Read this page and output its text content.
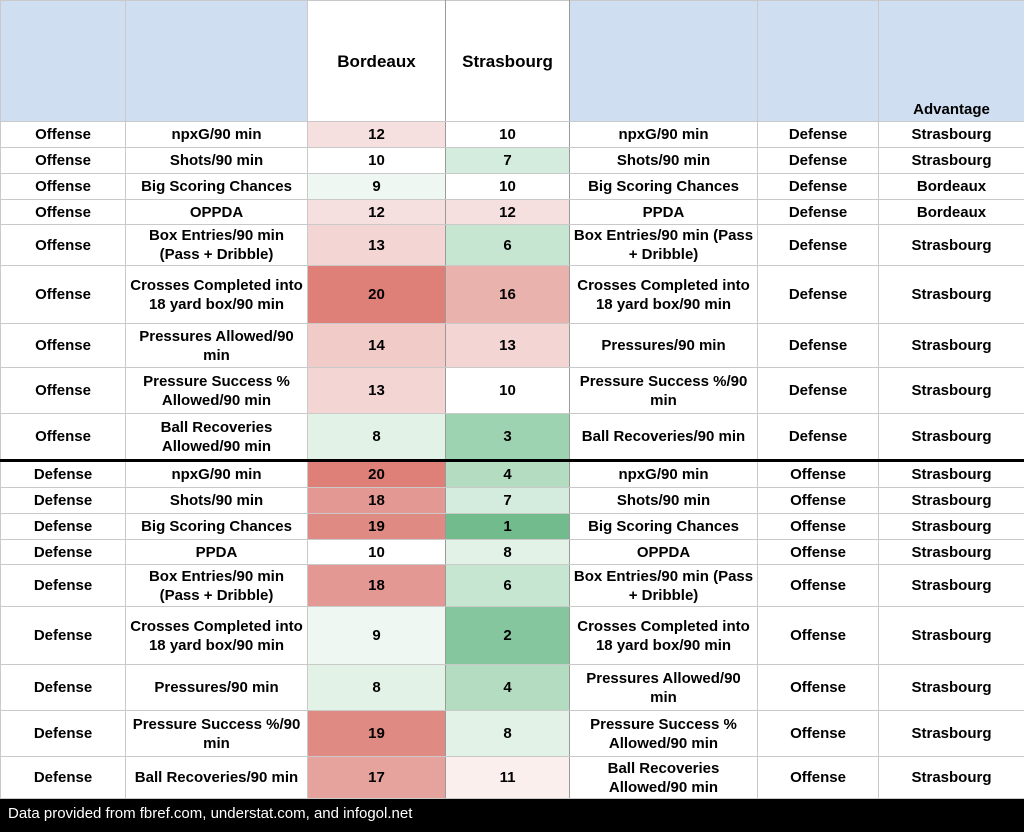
		Bordeaux	Strasbourg			Advantage
Offense	npxG/90 min	12	10	npxG/90 min	Defense	Strasbourg
Offense	Shots/90 min	10	7	Shots/90 min	Defense	Strasbourg
Offense	Big Scoring Chances	9	10	Big Scoring Chances	Defense	Bordeaux
Offense	OPPDA	12	12	PPDA	Defense	Bordeaux
Offense	Box Entries/90 min (Pass + Dribble)	13	6	Box Entries/90 min (Pass + Dribble)	Defense	Strasbourg
Offense	Crosses Completed into 18 yard box/90 min	20	16	Crosses Completed into 18 yard box/90 min	Defense	Strasbourg
Offense	Pressures Allowed/90 min	14	13	Pressures/90 min	Defense	Strasbourg
Offense	Pressure Success % Allowed/90 min	13	10	Pressure Success %/90 min	Defense	Strasbourg
Offense	Ball Recoveries Allowed/90 min	8	3	Ball Recoveries/90 min	Defense	Strasbourg
Defense	npxG/90 min	20	4	npxG/90 min	Offense	Strasbourg
Defense	Shots/90 min	18	7	Shots/90 min	Offense	Strasbourg
Defense	Big Scoring Chances	19	1	Big Scoring Chances	Offense	Strasbourg
Defense	PPDA	10	8	OPPDA	Offense	Strasbourg
Defense	Box Entries/90 min (Pass + Dribble)	18	6	Box Entries/90 min (Pass + Dribble)	Offense	Strasbourg
Defense	Crosses Completed into 18 yard box/90 min	9	2	Crosses Completed into 18 yard box/90 min	Offense	Strasbourg
Defense	Pressures/90 min	8	4	Pressures Allowed/90 min	Offense	Strasbourg
Defense	Pressure Success %/90 min	19	8	Pressure Success % Allowed/90 min	Offense	Strasbourg
Defense	Ball Recoveries/90 min	17	11	Ball Recoveries Allowed/90 min	Offense	Strasbourg
Data provided from fbref.com, understat.com, and infogol.net
